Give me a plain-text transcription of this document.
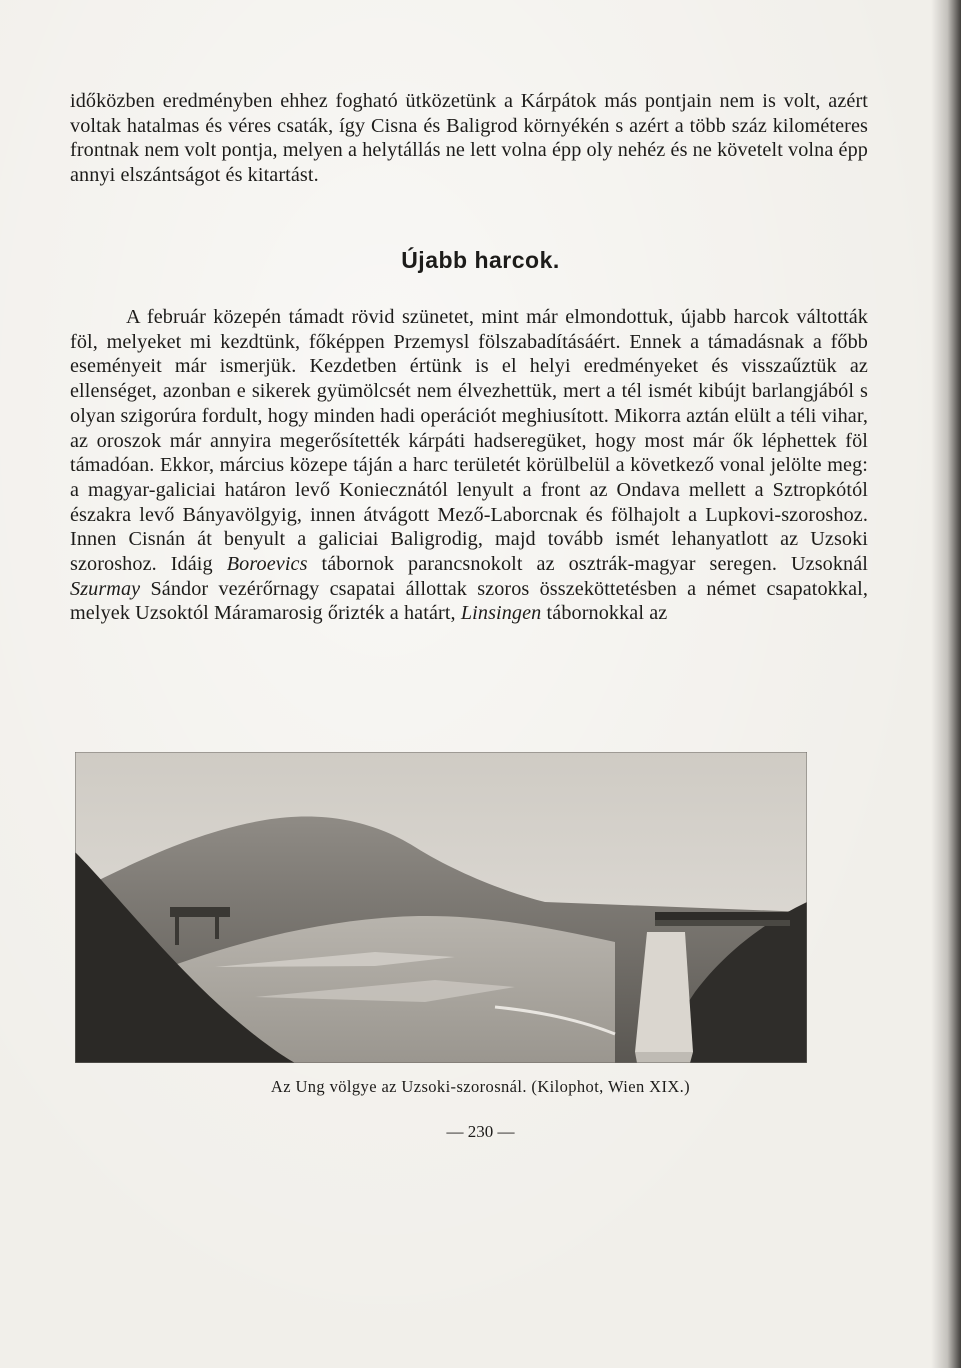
időközben eredményben ehhez fogható ütközetünk a Kárpátok más pontjain nem is volt, azért voltak hatalmas és véres csaták, így Cisna és Baligrod környékén s azért a több száz kilométeres frontnak nem volt pontja, melyen a helytállás ne lett volna épp oly nehéz és ne követelt volna épp annyi elszántságot és kitartást.

Újabb harcok.

A február közepén támadt rövid szünetet, mint már elmondottuk, újabb harcok váltották föl, melyeket mi kezdtünk, főképpen Przemysl fölszabadításáért. Ennek a támadásnak a főbb eseményeit már ismerjük. Kezdetben értünk is el helyi eredményeket és visszaűztük az ellenséget, azonban e sikerek gyümölcsét nem élvezhettük, mert a tél ismét kibújt barlangjából s olyan szigorúra fordult, hogy minden hadi operációt meghiusított. Mikorra aztán elült a téli vihar, az oroszok már annyira megerősítették kárpáti hadseregüket, hogy most már ők léphettek föl támadóan. Ekkor, március közepe táján a harc területét körülbelül a következő vonal jelölte meg: a magyar-galiciai határon levő Koniecznától lenyult a front az Ondava mellett a Sztropkótól északra levő Bányavölgyig, innen átvágott Mező-Laborcnak és fölhajolt a Lupkovi-szoroshoz. Innen Cisnán át benyult a galiciai Baligrodig, majd tovább ismét lehanyatlott az Uzsoki szoroshoz. Idáig Boroevics tábornok parancsnokolt az osztrák-magyar seregen. Uzsoknál Szurmay Sándor vezérőrnagy csapatai állottak szoros összeköttetésben a német csapatokkal, melyek Uzsoktól Máramarosig őrizték a határt, Linsingen tábornokkal az

Az Ung völgye az Uzsoki-szorosnál. (Kilophot, Wien XIX.)
— 230 —
